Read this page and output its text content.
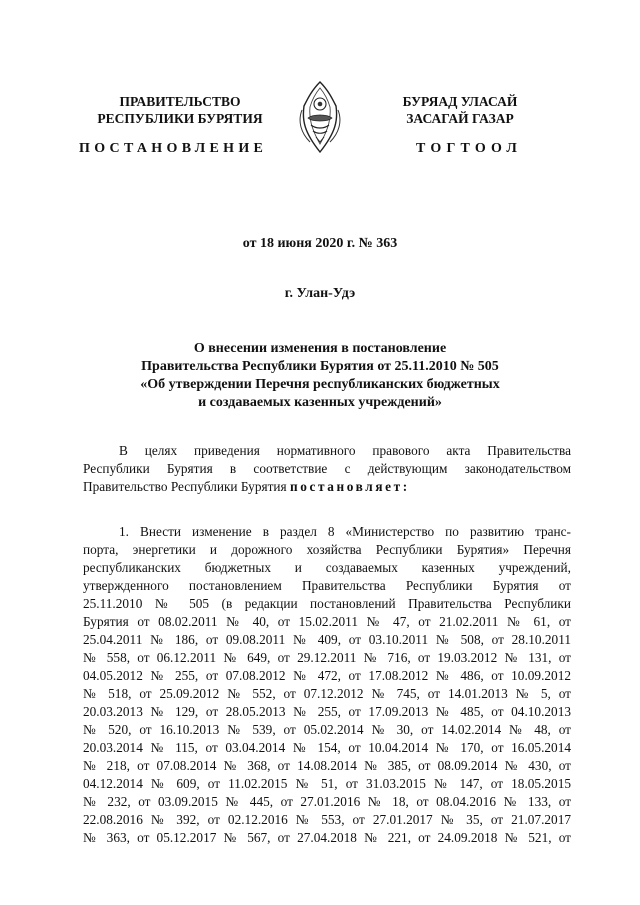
ПРАВИТЕЛЬСТВО
РЕСПУБЛИКИ БУРЯТИЯ
БУРЯАД УЛАСАЙ
ЗАСАГАЙ ГАЗАР
ПОСТАНОВЛЕНИЕ	ТОГТООЛ
от 18 июня 2020 г. № 363
г. Улан-Удэ
О внесении изменения в постановление
Правительства Республики Бурятия от 25.11.2010 № 505
«Об утверждении Перечня республиканских бюджетных
и создаваемых казенных учреждений»
В целях приведения нормативного правового акта Правительства
Республики Бурятия в соответствие с действующим законодательством
Правительство Республики Бурятия постановляет:
1. Внести изменение в раздел 8 «Министерство по развитию транс-
порта, энергетики и дорожного хозяйства Республики Бурятия» Перечня
республиканских бюджетных и создаваемых казенных учреждений,
утвержденного постановлением Правительства Республики Бурятия от
25.11.2010 № 505 (в редакции постановлений Правительства Республики
Бурятия от 08.02.2011 № 40, от 15.02.2011 № 47, от 21.02.2011 № 61, от
25.04.2011 № 186, от 09.08.2011 № 409, от 03.10.2011 № 508, от 28.10.2011
№ 558, от 06.12.2011 № 649, от 29.12.2011 № 716, от 19.03.2012 № 131, от
04.05.2012 № 255, от 07.08.2012 № 472, от 17.08.2012 № 486, от 10.09.2012
№ 518, от 25.09.2012 № 552, от 07.12.2012 № 745, от 14.01.2013 № 5, от
20.03.2013 № 129, от 28.05.2013 № 255, от 17.09.2013 № 485, от 04.10.2013
№ 520, от 16.10.2013 № 539, от 05.02.2014 № 30, от 14.02.2014 № 48, от
20.03.2014 № 115, от 03.04.2014 № 154, от 10.04.2014 № 170, от 16.05.2014
№ 218, от 07.08.2014 № 368, от 14.08.2014 № 385, от 08.09.2014 № 430, от
04.12.2014 № 609, от 11.02.2015 № 51, от 31.03.2015 № 147, от 18.05.2015
№ 232, от 03.09.2015 № 445, от 27.01.2016 № 18, от 08.04.2016 № 133, от
22.08.2016 № 392, от 02.12.2016 № 553, от 27.01.2017 № 35, от 21.07.2017
№ 363, от 05.12.2017 № 567, от 27.04.2018 № 221, от 24.09.2018 № 521, от
